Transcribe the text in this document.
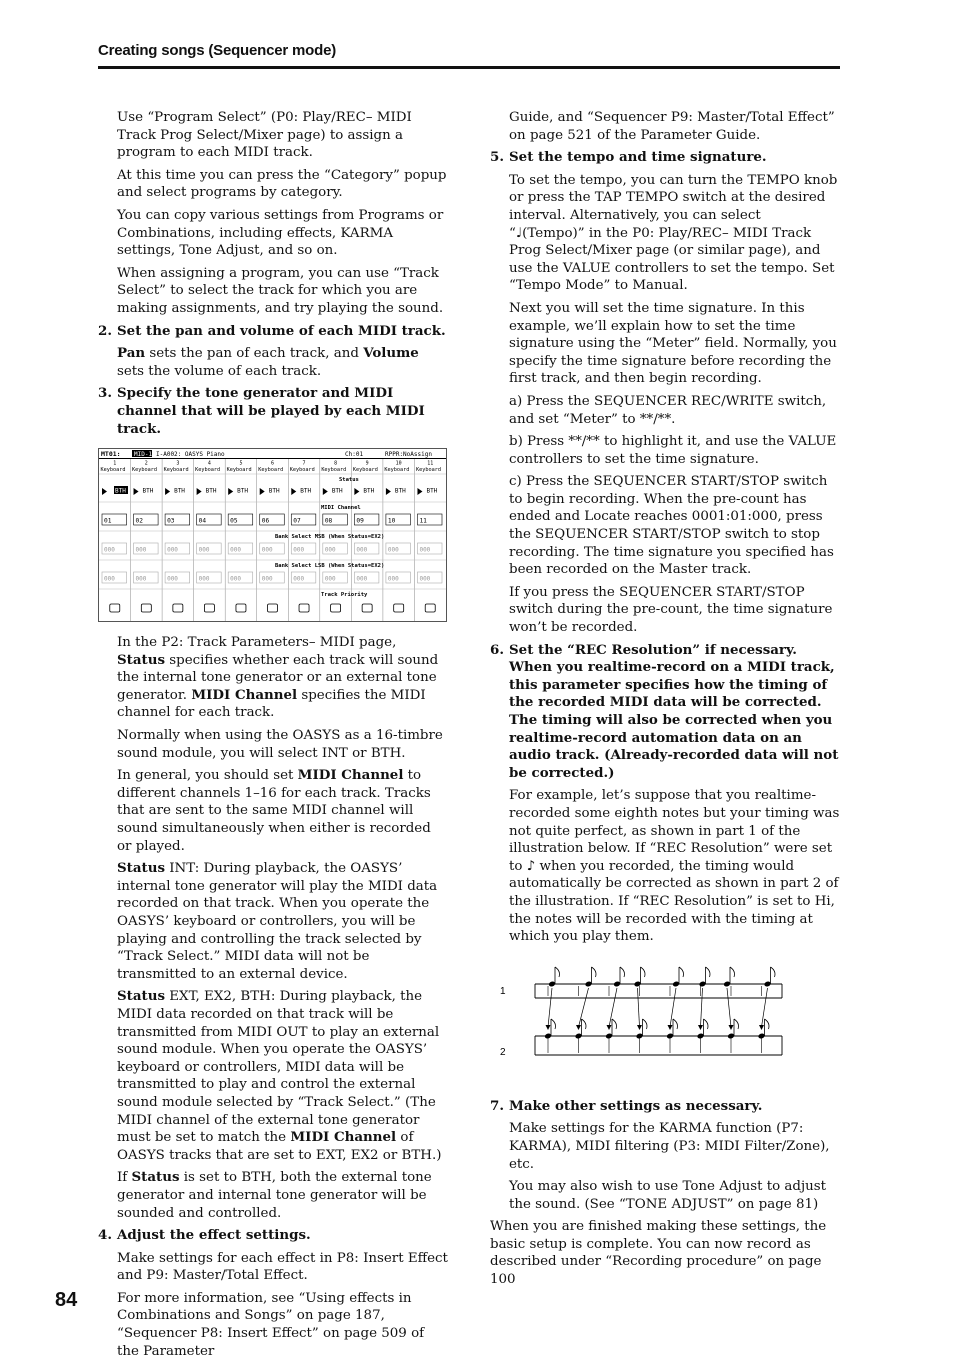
Creating songs (Sequencer mode)

Use “Program Select” (P0: Play/REC– MIDI Track Prog Select/Mixer page) to assign a program to each MIDI track.

At this time you can press the “Category” popup and select programs by category.

You can copy various settings from Programs or Combinations, including effects, KARMA settings, Tone Adjust, and so on.

When assigning a program, you can use “Track Select” to select the track for which you are making assignments, and try playing the sound.

2. Set the pan and volume of each MIDI track.

Pan sets the pan of each track, and Volume sets the volume of each track.

3. Specify the tone generator and MIDI channel that will be played by each MIDI track.

MT01: MID-1 I-A002: OASYS Piano	Ch:01	RPPR:NoAssign
1
Keyboard
BTH
01
000
000
2
Keyboard
BTH
02
000
000
3
Keyboard
BTH
03
000
000
4
Keyboard
BTH
04
000
000
5
Keyboard
BTH
05
000
000
6
Keyboard
BTH
06
000
000
7
Keyboard
BTH
07
000
000
8
Keyboard
BTH
08
000
000
9
Keyboard
BTH
09
000
000
10
Keyboard
BTH
10
000
000
11
Keyboard
BTH
11
000
000
Status
MIDI Channel
Bank Select MSB (When Status=EX2)
Bank Select LSB (When Status=EX2)
Track Priority

In the P2: Track Parameters– MIDI page, Status specifies whether each track will sound the internal tone generator or an external tone generator. MIDI Channel specifies the MIDI channel for each track.

Normally when using the OASYS as a 16-timbre sound module, you will select INT or BTH.

In general, you should set MIDI Channel to different channels 1–16 for each track. Tracks that are sent to the same MIDI channel will sound simultaneously when either is recorded or played.

Status INT: During playback, the OASYS’ internal tone generator will play the MIDI data recorded on that track. When you operate the OASYS’ keyboard or controllers, you will be playing and controlling the track selected by “Track Select.” MIDI data will not be transmitted to an external device.

Status EXT, EX2, BTH: During playback, the MIDI data recorded on that track will be transmitted from MIDI OUT to play an external sound module. When you operate the OASYS’ keyboard or controllers, MIDI data will be transmitted to play and control the external sound module selected by “Track Select.” (The MIDI channel of the external tone generator must be set to match the MIDI Channel of OASYS tracks that are set to EXT, EX2 or BTH.)

If Status is set to BTH, both the external tone generator and internal tone generator will be sounded and controlled.

4. Adjust the effect settings.

Make settings for each effect in P8: Insert Effect and P9: Master/Total Effect.

For more information, see “Using effects in Combinations and Songs” on page 187, “Sequencer P8: Insert Effect” on page 509 of the Parameter

Guide, and “Sequencer P9: Master/Total Effect” on page 521 of the Parameter Guide.

5. Set the tempo and time signature.

To set the tempo, you can turn the TEMPO knob or press the TAP TEMPO switch at the desired interval. Alternatively, you can select “♩(Tempo)” in the P0: Play/REC– MIDI Track Prog Select/Mixer page (or similar page), and use the VALUE controllers to set the tempo. Set “Tempo Mode” to Manual.

Next you will set the time signature. In this example, we’ll explain how to set the time signature using the “Meter” field. Normally, you specify the time signature before recording the first track, and then begin recording.

a) Press the SEQUENCER REC/WRITE switch, and set “Meter” to **/**.

b) Press **/** to highlight it, and use the VALUE controllers to set the time signature.

c) Press the SEQUENCER START/STOP switch to begin recording. When the pre-count has ended and Locate reaches 0001:01:000, press the SEQUENCER START/STOP switch to stop recording. The time signature you specified has been recorded on the Master track.

If you press the SEQUENCER START/STOP switch during the pre-count, the time signature won’t be recorded.

6. Set the “REC Resolution” if necessary. When you realtime-record on a MIDI track, this parameter specifies how the timing of the recorded MIDI data will be corrected. The timing will also be corrected when you realtime-record automation data on an audio track. (Already-recorded data will not be corrected.)

For example, let’s suppose that you realtime-recorded some eighth notes but your timing was not quite perfect, as shown in part 1 of the illustration below. If “REC Resolution” were set to ♪ when you recorded, the timing would automatically be corrected as shown in part 2 of the illustration. If “REC Resolution” is set to Hi, the notes will be recorded with the timing at which you play them.

1
2

7. Make other settings as necessary.

Make settings for the KARMA function (P7: KARMA), MIDI filtering (P3: MIDI Filter/Zone), etc.

You may also wish to use Tone Adjust to adjust the sound. (See “TONE ADJUST” on page 81)

When you are finished making these settings, the basic setup is complete. You can now record as described under “Recording procedure” on page 100

84
